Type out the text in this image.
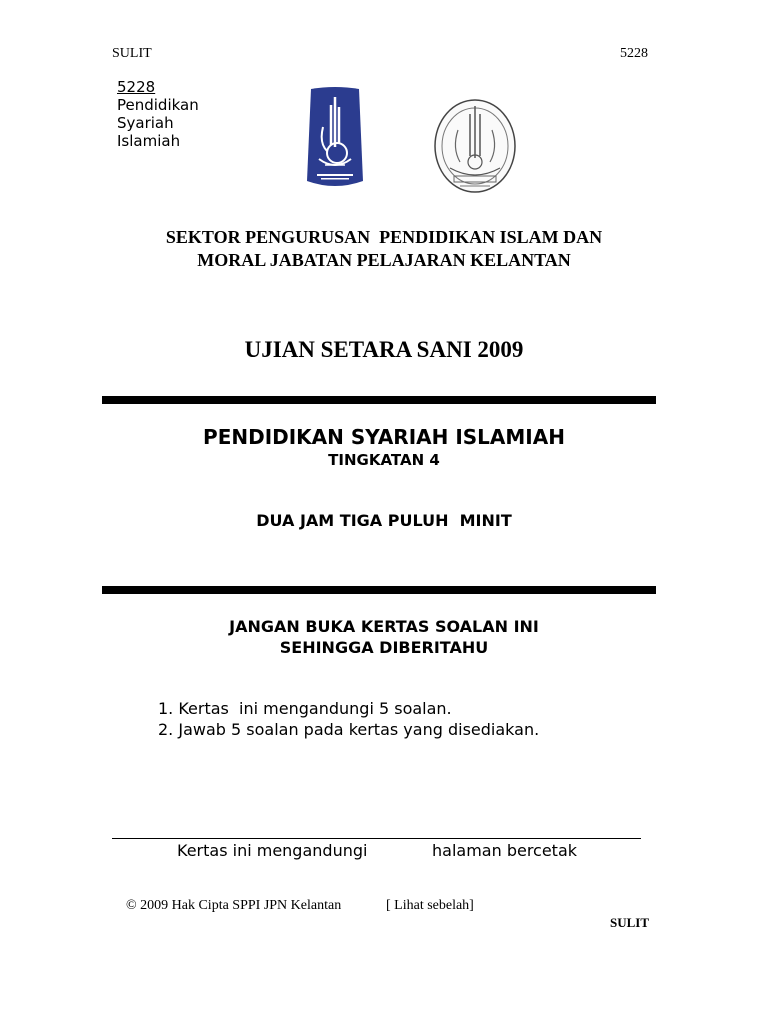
SULIT	5228
5228
Pendidikan
Syariah
Islamiah
SEKTOR PENGURUSAN  PENDIDIKAN ISLAM DAN
MORAL JABATAN PELAJARAN KELANTAN
UJIAN SETARA SANI 2009
PENDIDIKAN SYARIAH ISLAMIAH
TINGKATAN 4
DUA JAM TIGA PULUH  MINIT
JANGAN BUKA KERTAS SOALAN INI
SEHINGGA DIBERITAHU
1. Kertas  ini mengandungi 5 soalan.
2. Jawab 5 soalan pada kertas yang disediakan.
Kertas ini mengandungi	halaman bercetak
© 2009 Hak Cipta SPPI JPN Kelantan	[ Lihat sebelah]
SULIT
